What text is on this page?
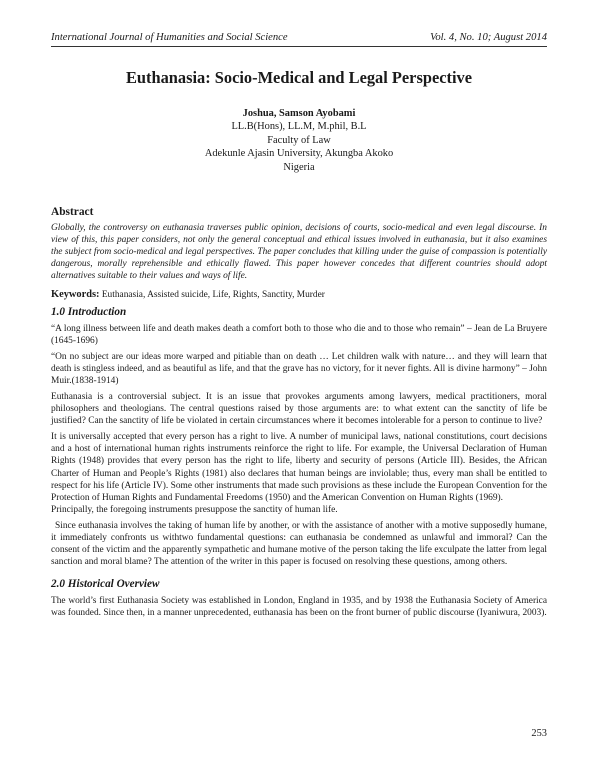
International Journal of Humanities and Social Science	Vol. 4, No. 10; August 2014
Euthanasia: Socio-Medical and Legal Perspective
Joshua, Samson Ayobami
LL.B(Hons), LL.M, M.phil, B.L
Faculty of Law
Adekunle Ajasin University, Akungba Akoko
Nigeria
Abstract
Globally, the controversy on euthanasia traverses public opinion, decisions of courts, socio-medical and even legal discourse. In view of this, this paper considers, not only the general conceptual and ethical issues involved in euthanasia, but it also examines the subject from socio-medical and legal perspectives. The paper concludes that killing under the guise of compassion is potentially dangerous, morally reprehensible and ethically flawed. This paper however concedes that different countries should adopt alternatives suitable to their values and ways of life.
Keywords: Euthanasia, Assisted suicide, Life, Rights, Sanctity, Murder
1.0 Introduction

“A long illness between life and death makes death a comfort both to those who die and to those who remain” – Jean de La Bruyere (1645-1696)

“On no subject are our ideas more warped and pitiable than on death … Let children walk with nature… and they will learn that death is stingless indeed, and as beautiful as life, and that the grave has no victory, for it never fights. All is divine harmony” – John Muir.(1838-1914)

Euthanasia is a controversial subject. It is an issue that provokes arguments among lawyers, medical practitioners, moral philosophers and theologians. The central questions raised by those arguments are: to what extent can the sanctity of life be justified? Can the sanctity of life be violated in certain circumstances where it becomes intolerable for a person to continue to live?

It is universally accepted that every person has a right to live. A number of municipal laws, national constitutions, court decisions and a host of international human rights instruments reinforce the right to life. For example, the Universal Declaration of Human Rights (1948) provides that every person has the right to life, liberty and security of persons (Article III). Besides, the African Charter of Human and People’s Rights (1981) also declares that human beings are inviolable; thus, every man shall be entitled to respect for his life (Article IV). Some other instruments that made such provisions as these include the European Convention for the Protection of Human Rights and Fundamental Freedoms (1950) and the American Convention on Human Rights (1969).

Principally, the foregoing instruments presuppose the sanctity of human life.

Since euthanasia involves the taking of human life by another, or with the assistance of another with a motive supposedly humane, it immediately confronts us withtwo fundamental questions: can euthanasia be condemned as unlawful and immoral? Can the consent of the victim and the apparently sympathetic and humane motive of the person taking the life exculpate the latter from legal sanction and moral blame? The attention of the writer in this paper is focused on resolving these questions, among others.

2.0 Historical Overview

The world’s first Euthanasia Society was established in London, England in 1935, and by 1938 the Euthanasia Society of America was founded. Since then, in a manner unprecedented, euthanasia has been on the front burner of public discourse (Iyaniwura, 2003).

253
